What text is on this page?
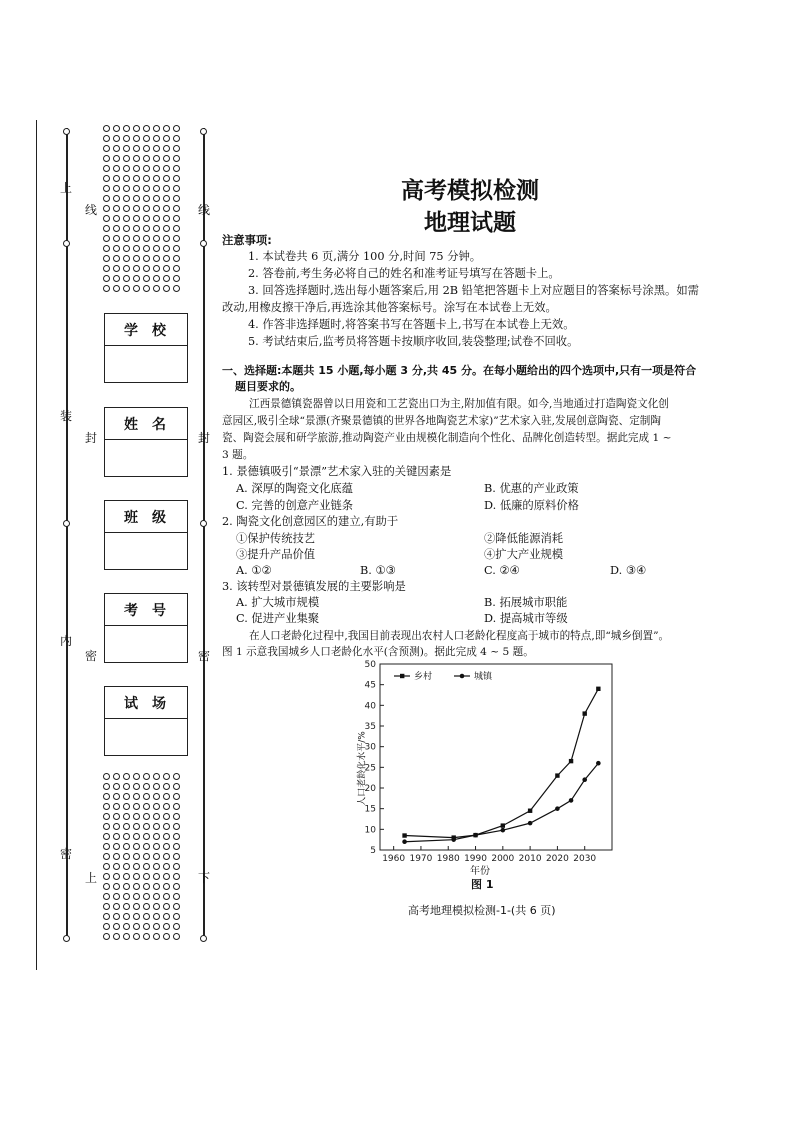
上
线	线
封	封
密	密
装
内
密
上	下
学校
姓名
班级
考号
试场
高考模拟检测
地理试题
注意事项:
1. 本试卷共 6 页,满分 100 分,时间 75 分钟。
2. 答卷前,考生务必将自己的姓名和准考证号填写在答题卡上。
3. 回答选择题时,选出每小题答案后,用 2B 铅笔把答题卡上对应题目的答案标号涂黑。如需
改动,用橡皮擦干净后,再选涂其他答案标号。涂写在本试卷上无效。
4. 作答非选择题时,将答案书写在答题卡上,书写在本试卷上无效。
5. 考试结束后,监考员将答题卡按顺序收回,装袋整理;试卷不回收。
一、选择题:本题共 15 小题,每小题 3 分,共 45 分。在每小题给出的四个选项中,只有一项是符合
题目要求的。
江西景德镇瓷器曾以日用瓷和工艺瓷出口为主,附加值有限。如今,当地通过打造陶瓷文化创
意园区,吸引全球“景漂(齐聚景德镇的世界各地陶瓷艺术家)”艺术家入驻,发展创意陶瓷、定制陶
瓷、陶瓷会展和研学旅游,推动陶瓷产业由规模化制造向个性化、品牌化创造转型。据此完成 1 ~
3 题。
1. 景德镇吸引“景漂”艺术家入驻的关键因素是
A. 深厚的陶瓷文化底蕴	B. 优惠的产业政策
C. 完善的创意产业链条	D. 低廉的原料价格
2. 陶瓷文化创意园区的建立,有助于
①保护传统技艺	②降低能源消耗
③提升产品价值	④扩大产业规模
A. ①②	B. ①③	C. ②④	D. ③④
3. 该转型对景德镇发展的主要影响是
A. 扩大城市规模	B. 拓展城市职能
C. 促进产业集聚	D. 提高城市等级
在人口老龄化过程中,我国目前表现出农村人口老龄化程度高于城市的特点,即“城乡倒置”。
图 1 示意我国城乡人口老龄化水平(含预测)。据此完成 4 ~ 5 题。
5
10
15
20
25
30
35
40
45
50
1960 1970 1980 1990 2000 2010 2020 2030
乡村	城镇
人口老龄化水平/%
年份
图 1
高考地理模拟检测-1-(共 6 页)
